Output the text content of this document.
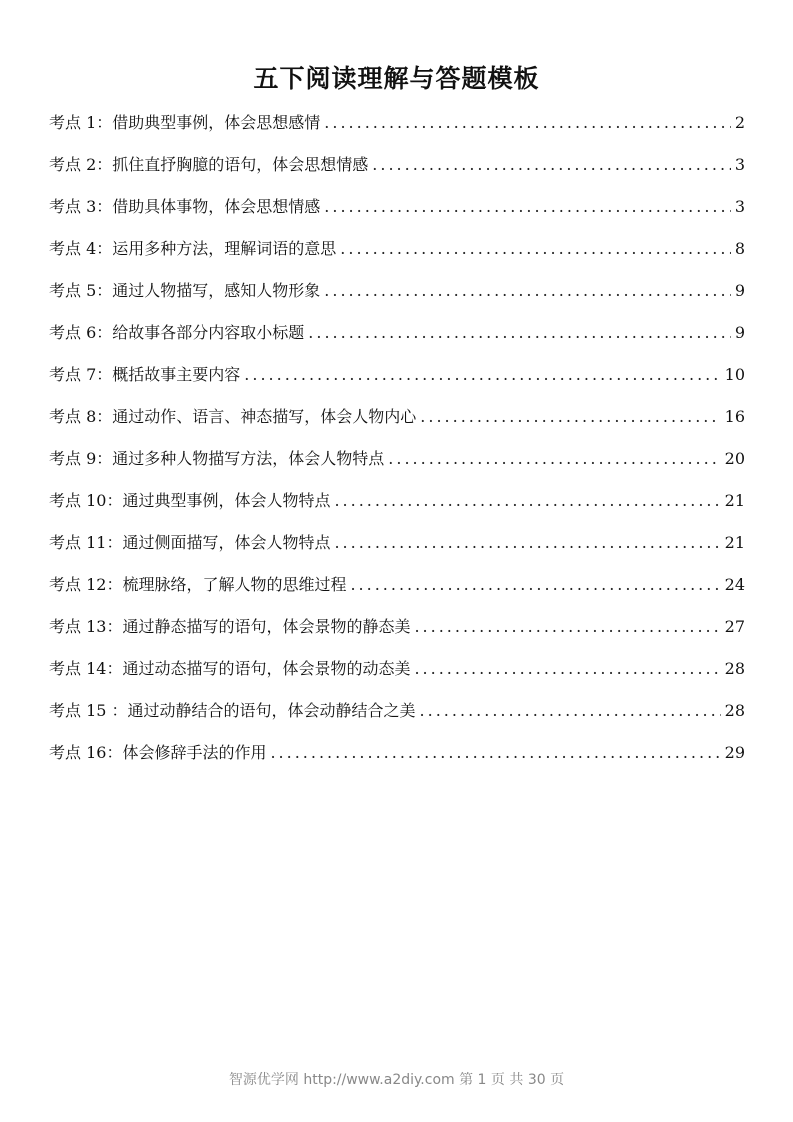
五下阅读理解与答题模板
考点 1：借助典型事例，体会思想感情 .....	2
考点 2：抓住直抒胸臆的语句，体会思想情感 .....	3
考点 3：借助具体事物，体会思想情感 .....	3
考点 4：运用多种方法，理解词语的意思 .....	8
考点 5：通过人物描写，感知人物形象 .....	9
考点 6：给故事各部分内容取小标题 .....	9
考点 7：概括故事主要内容 .....	10
考点 8：通过动作、语言、神态描写，体会人物内心 .....	16
考点 9：通过多种人物描写方法，体会人物特点 .....	20
考点 10：通过典型事例，体会人物特点 .....	21
考点 11：通过侧面描写，体会人物特点 .....	21
考点 12：梳理脉络，了解人物的思维过程 .....	24
考点 13：通过静态描写的语句，体会景物的静态美 .....	27
考点 14：通过动态描写的语句，体会景物的动态美 .....	28
考点 15 ：通过动静结合的语句，体会动静结合之美 .....	28
考点 16：体会修辞手法的作用 .....	29
智源优学网 http://www.a2diy.com 第 1 页 共 30 页
